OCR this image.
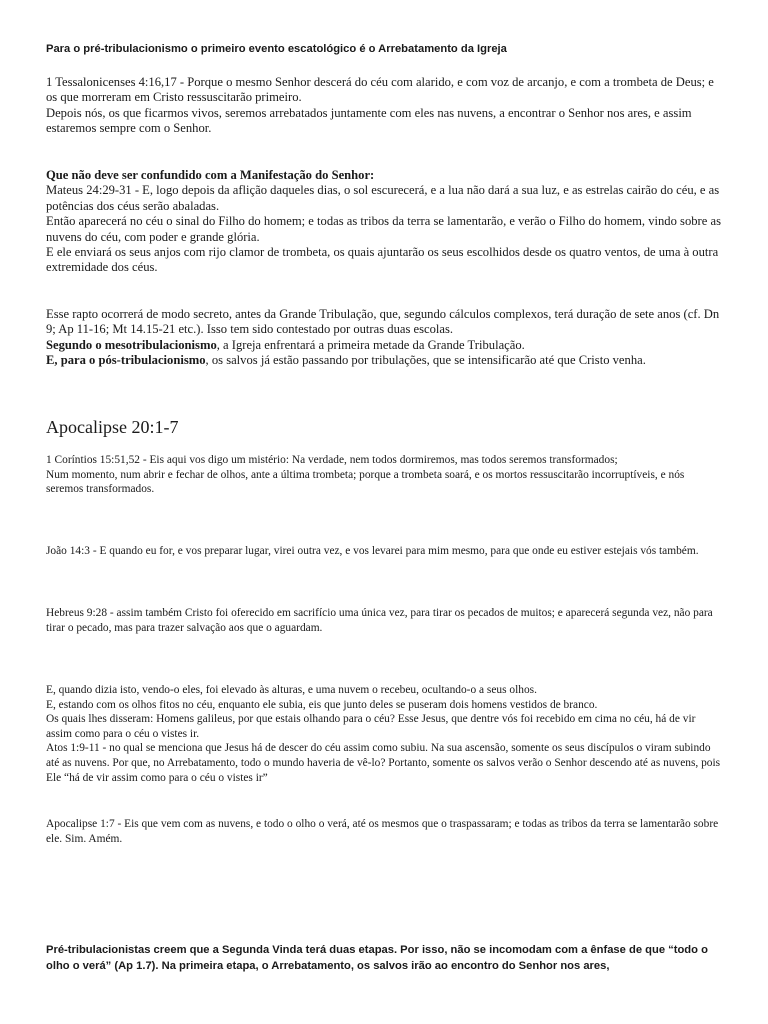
Para o pré-tribulacionismo o primeiro evento escatológico é o Arrebatamento da Igreja

1 Tessalonicenses 4:16,17 - Porque o mesmo Senhor descerá do céu com alarido, e com voz de arcanjo, e com a trombeta de Deus; e os que morreram em Cristo ressuscitarão primeiro.

Depois nós, os que ficarmos vivos, seremos arrebatados juntamente com eles nas nuvens, a encontrar o Senhor nos ares, e assim estaremos sempre com o Senhor.

Que não deve ser confundido com a Manifestação do Senhor:

Mateus 24:29-31 - E, logo depois da aflição daqueles dias, o sol escurecerá, e a lua não dará a sua luz, e as estrelas cairão do céu, e as potências dos céus serão abaladas.

Então aparecerá no céu o sinal do Filho do homem; e todas as tribos da terra se lamentarão, e verão o Filho do homem, vindo sobre as nuvens do céu, com poder e grande glória.

E ele enviará os seus anjos com rijo clamor de trombeta, os quais ajuntarão os seus escolhidos desde os quatro ventos, de uma à outra extremidade dos céus.

Esse rapto ocorrerá de modo secreto, antes da Grande Tribulação, que, segundo cálculos complexos, terá duração de sete anos (cf. Dn 9; Ap 11-16; Mt 14.15-21 etc.). Isso tem sido contestado por outras duas escolas.

Segundo o mesotribulacionismo, a Igreja enfrentará a primeira metade da Grande Tribulação.

E, para o pós-tribulacionismo, os salvos já estão passando por tribulações, que se intensificarão até que Cristo venha.

Apocalipse 20:1-7

1 Coríntios 15:51,52 - Eis aqui vos digo um mistério: Na verdade, nem todos dormiremos, mas todos seremos transformados;

Num momento, num abrir e fechar de olhos, ante a última trombeta; porque a trombeta soará, e os mortos ressuscitarão incorruptíveis, e nós seremos transformados.

João 14:3 - E quando eu for, e vos preparar lugar, virei outra vez, e vos levarei para mim mesmo, para que onde eu estiver estejais vós também.

Hebreus 9:28 - assim também Cristo foi oferecido em sacrifício uma única vez, para tirar os pecados de muitos; e aparecerá segunda vez, não para tirar o pecado, mas para trazer salvação aos que o aguardam.

E, quando dizia isto, vendo-o eles, foi elevado às alturas, e uma nuvem o recebeu, ocultando-o a seus olhos.

E, estando com os olhos fitos no céu, enquanto ele subia, eis que junto deles se puseram dois homens vestidos de branco.

Os quais lhes disseram: Homens galileus, por que estais olhando para o céu? Esse Jesus, que dentre vós foi recebido em cima no céu, há de vir assim como para o céu o vistes ir.

Atos 1:9-11 - no qual se menciona que Jesus há de descer do céu assim como subiu. Na sua ascensão, somente os seus discípulos o viram subindo até as nuvens. Por que, no Arrebatamento, todo o mundo haveria de vê-lo? Portanto, somente os salvos verão o Senhor descendo até as nuvens, pois Ele “há de vir assim como para o céu o vistes ir”

Apocalipse 1:7 - Eis que vem com as nuvens, e todo o olho o verá, até os mesmos que o traspassaram; e todas as tribos da terra se lamentarão sobre ele. Sim. Amém.

Pré-tribulacionistas creem que a Segunda Vinda terá duas etapas. Por isso, não se incomodam com a ênfase de que “todo o olho o verá” (Ap 1.7). Na primeira etapa, o Arrebatamento, os salvos irão ao encontro do Senhor nos ares,
